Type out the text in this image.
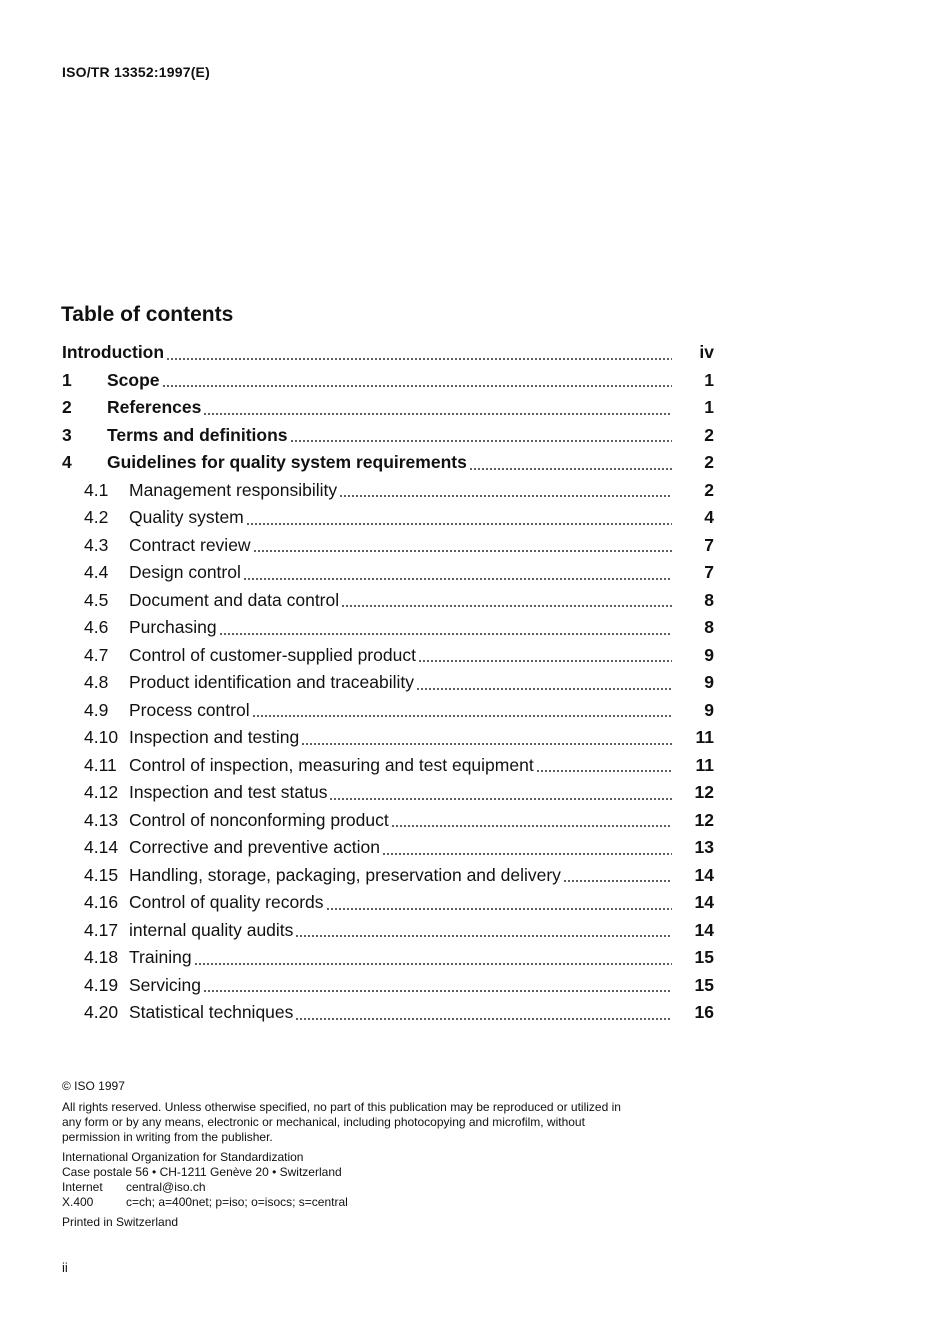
ISO/TR 13352:1997(E)
Table of contents
Introduction	iv
1	Scope	1
2	References	1
3	Terms and definitions	2
4	Guidelines for quality system requirements	2
4.1	Management responsibility	2
4.2	Quality system	4
4.3	Contract review	7
4.4	Design control	7
4.5	Document and data control	8
4.6	Purchasing	8
4.7	Control of customer-supplied product	9
4.8	Product identification and traceability	9
4.9	Process control	9
4.10 Inspection and testing	11
4.11 Control of inspection, measuring and test equipment	11
4.12 Inspection and test status	12
4.13 Control of nonconforming product	12
4.14 Corrective and preventive action	13
4.15 Handling, storage, packaging, preservation and delivery	14
4.16 Control of quality records	14
4.17 internal quality audits	14
4.18 Training	15
4.19 Servicing	15
4.20 Statistical techniques	16

© ISO 1997

All rights reserved. Unless otherwise specified, no part of this publication may be reproduced or utilized in any form or by any means, electronic or mechanical, including photocopying and microfilm, without permission in writing from the publisher.

International Organization for Standardization

Case postale 56 • CH-1211 Genève 20 • Switzerland

Internet	central@iso.ch
X.400	c=ch; a=400net; p=iso; o=isocs; s=central

Printed in Switzerland

ii
